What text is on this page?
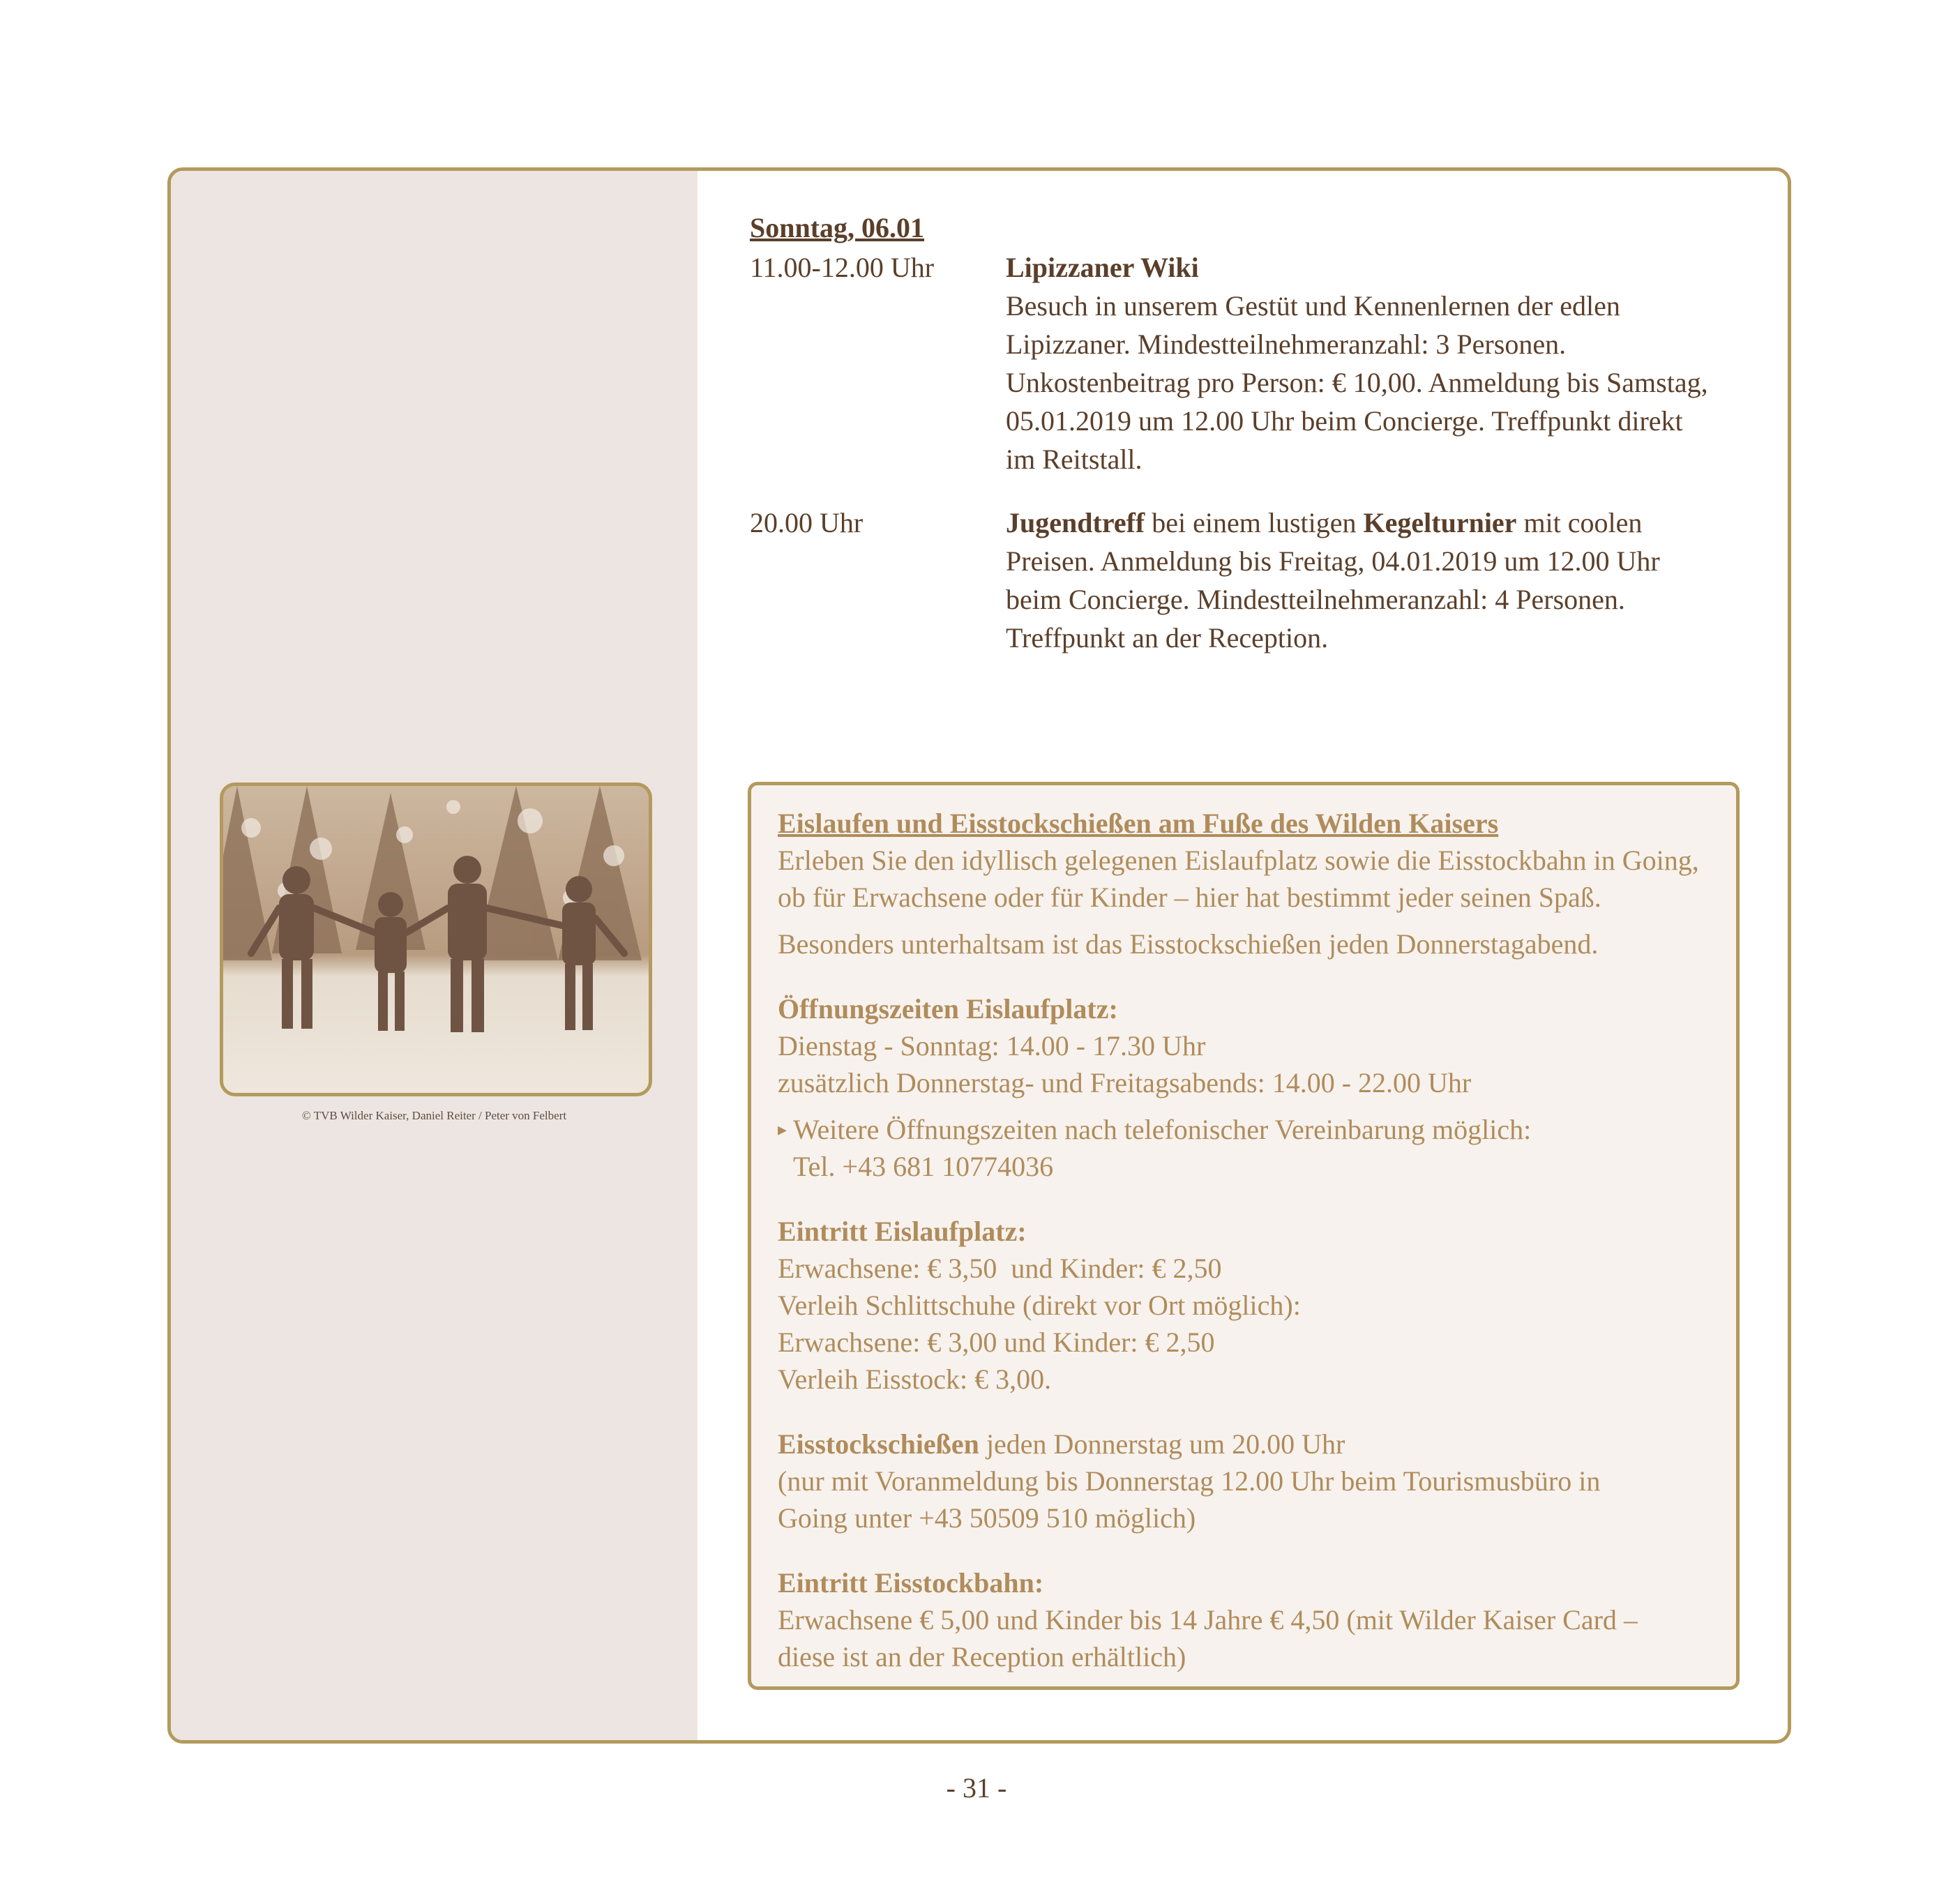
© TVB Wilder Kaiser, Daniel Reiter / Peter von Felbert
Sonntag, 06.01
11.00-12.00 Uhr	Lipizzaner Wiki
Besuch in unserem Gestüt und Kennenlernen der edlen
Lipizzaner. Mindestteilnehmeranzahl: 3 Personen.
Unkostenbeitrag pro Person: € 10,00. Anmeldung bis Samstag,
05.01.2019 um 12.00 Uhr beim Concierge. Treffpunkt direkt
im Reitstall.
20.00 Uhr	Jugendtreff bei einem lustigen Kegelturnier mit coolen
Preisen. Anmeldung bis Freitag, 04.01.2019 um 12.00 Uhr
beim Concierge. Mindestteilnehmeranzahl: 4 Personen.
Treffpunkt an der Reception.
Eislaufen und Eisstockschießen am Fuße des Wilden Kaisers
Erleben Sie den idyllisch gelegenen Eislaufplatz sowie die Eisstockbahn in Going,
ob für Erwachsene oder für Kinder – hier hat bestimmt jeder seinen Spaß.
Besonders unterhaltsam ist das Eisstockschießen jeden Donnerstagabend.
Öffnungszeiten Eislaufplatz:
Dienstag - Sonntag: 14.00 - 17.30 Uhr
zusätzlich Donnerstag- und Freitagsabends: 14.00 - 22.00 Uhr
▸ Weitere Öffnungszeiten nach telefonischer Vereinbarung möglich:
Tel. +43 681 10774036
Eintritt Eislaufplatz:
Erwachsene: € 3,50  und Kinder: € 2,50
Verleih Schlittschuhe (direkt vor Ort möglich):
Erwachsene: € 3,00 und Kinder: € 2,50
Verleih Eisstock: € 3,00.
Eisstockschießen jeden Donnerstag um 20.00 Uhr
(nur mit Voranmeldung bis Donnerstag 12.00 Uhr beim Tourismusbüro in
Going unter +43 50509 510 möglich)
Eintritt Eisstockbahn:
Erwachsene € 5,00 und Kinder bis 14 Jahre € 4,50 (mit Wilder Kaiser Card –
diese ist an der Reception erhältlich)
- 31 -
